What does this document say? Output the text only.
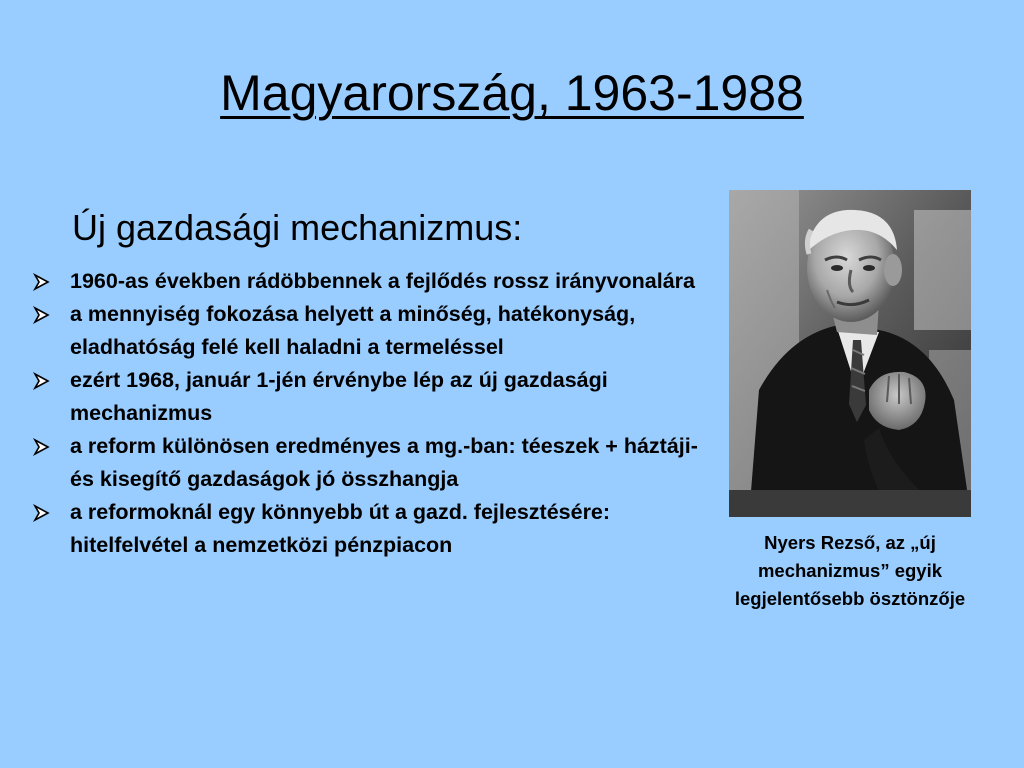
Magyarország, 1963-1988
Új gazdasági mechanizmus:
1960-as években rádöbbennek a fejlődés rossz irányvonalára
a mennyiség fokozása helyett a minőség, hatékonyság, eladhatóság felé kell haladni a termeléssel
ezért 1968, január 1-jén érvénybe lép az új gazdasági mechanizmus
a reform különösen eredményes a mg.-ban: téeszek + háztáji- és kisegítő gazdaságok jó összhangja
a reformoknál egy könnyebb út a gazd. fejlesztésére: hitelfelvétel a nemzetközi pénzpiacon	Nyers Rezső, az „új
mechanizmus” egyik
legjelentősebb ösztönzője
